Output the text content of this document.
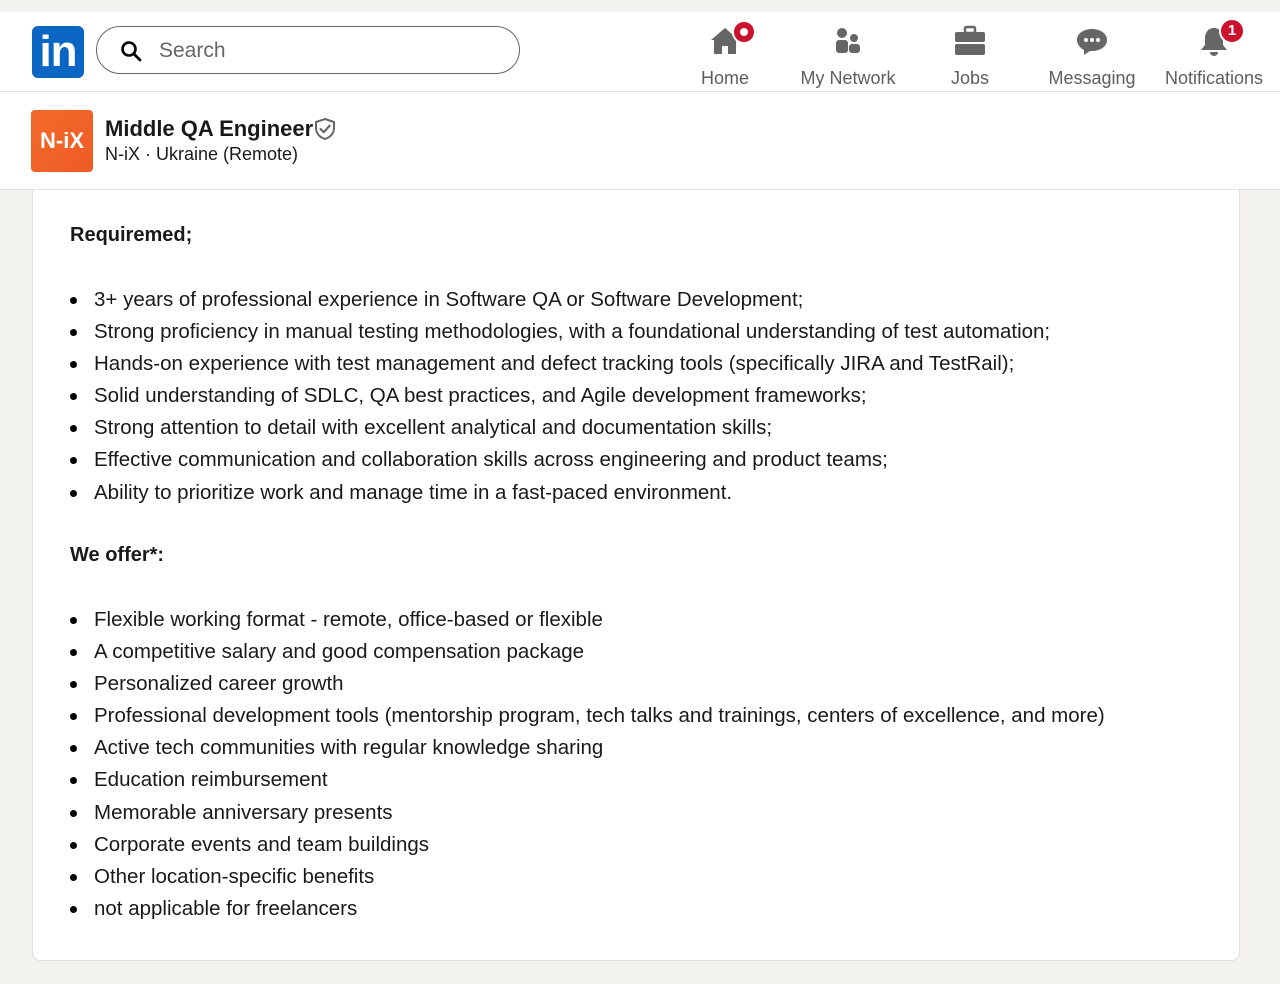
in
Search
Home	My Network	Jobs	Messaging
1
Notifications
N-iX Middle QA Engineer
N-iX · Ukraine (Remote)
Requiremed;
3+ years of professional experience in Software QA or Software Development;
Strong proficiency in manual testing methodologies, with a foundational understanding of test automation;
Hands-on experience with test management and defect tracking tools (specifically JIRA and TestRail);
Solid understanding of SDLC, QA best practices, and Agile development frameworks;
Strong attention to detail with excellent analytical and documentation skills;
Effective communication and collaboration skills across engineering and product teams;
Ability to prioritize work and manage time in a fast-paced environment.
We offer*:
Flexible working format - remote, office-based or flexible
A competitive salary and good compensation package
Personalized career growth
Professional development tools (mentorship program, tech talks and trainings, centers of excellence, and more)
Active tech communities with regular knowledge sharing
Education reimbursement
Memorable anniversary presents
Corporate events and team buildings
Other location-specific benefits
not applicable for freelancers
